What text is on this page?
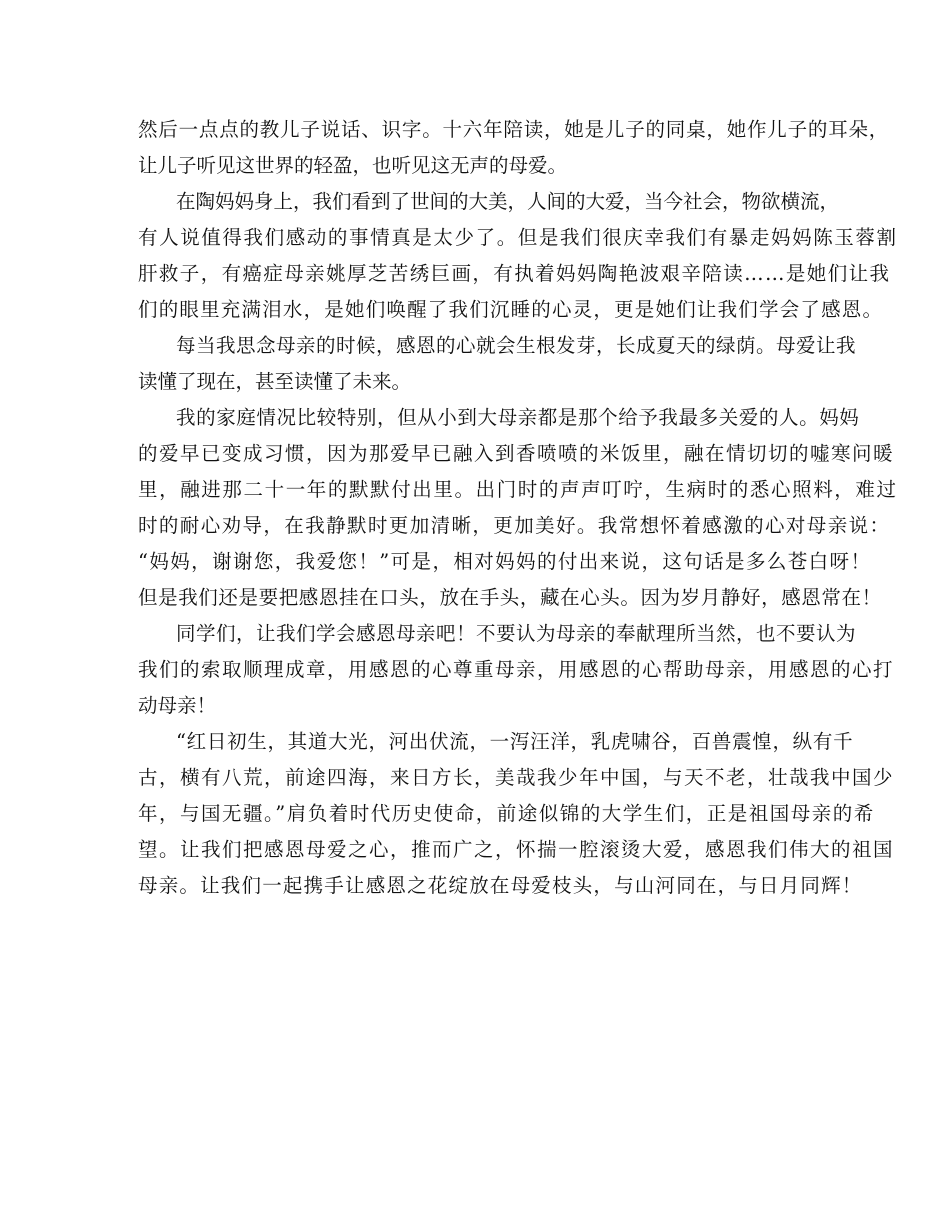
然后一点点的教儿子说话、识字。十六年陪读，她是儿子的同桌，她作儿子的耳朵，
让儿子听见这世界的轻盈，也听见这无声的母爱。
在陶妈妈身上，我们看到了世间的大美，人间的大爱，当今社会，物欲横流，
有人说值得我们感动的事情真是太少了。但是我们很庆幸我们有暴走妈妈陈玉蓉割
肝救子，有癌症母亲姚厚芝苦绣巨画，有执着妈妈陶艳波艰辛陪读……是她们让我
们的眼里充满泪水，是她们唤醒了我们沉睡的心灵，更是她们让我们学会了感恩。
每当我思念母亲的时候，感恩的心就会生根发芽，长成夏天的绿荫。母爱让我
读懂了现在，甚至读懂了未来。
我的家庭情况比较特别，但从小到大母亲都是那个给予我最多关爱的人。妈妈
的爱早已变成习惯，因为那爱早已融入到香喷喷的米饭里，融在情切切的嘘寒问暖
里，融进那二十一年的默默付出里。出门时的声声叮咛，生病时的悉心照料，难过
时的耐心劝导，在我静默时更加清晰，更加美好。我常想怀着感激的心对母亲说：
“妈妈，谢谢您，我爱您！”可是，相对妈妈的付出来说，这句话是多么苍白呀！
但是我们还是要把感恩挂在口头，放在手头，藏在心头。因为岁月静好，感恩常在！
同学们，让我们学会感恩母亲吧！不要认为母亲的奉献理所当然，也不要认为
我们的索取顺理成章，用感恩的心尊重母亲，用感恩的心帮助母亲，用感恩的心打
动母亲！
“红日初生，其道大光，河出伏流，一泻汪洋，乳虎啸谷，百兽震惶，纵有千
古，横有八荒，前途四海，来日方长，美哉我少年中国，与天不老，壮哉我中国少
年，与国无疆。”肩负着时代历史使命，前途似锦的大学生们，正是祖国母亲的希
望。让我们把感恩母爱之心，推而广之，怀揣一腔滚烫大爱，感恩我们伟大的祖国
母亲。让我们一起携手让感恩之花绽放在母爱枝头，与山河同在，与日月同辉！
